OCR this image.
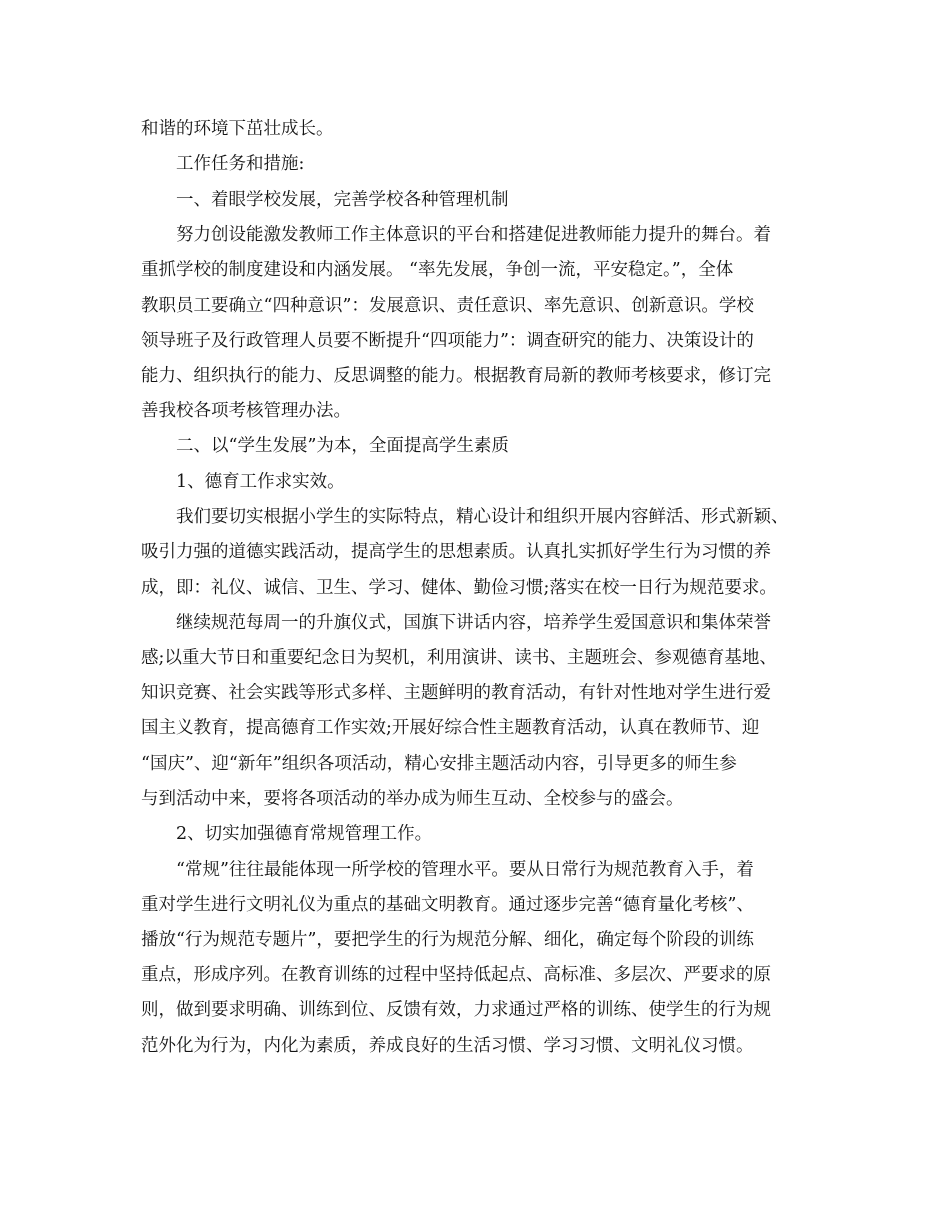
和谐的环境下茁壮成长。

工作任务和措施:

一、着眼学校发展，完善学校各种管理机制

努力创设能激发教师工作主体意识的平台和搭建促进教师能力提升的舞台。着

重抓学校的制度建设和内涵发展。 “率先发展，争创一流，平安稳定。”，全体

教职员工要确立“四种意识”：发展意识、责任意识、率先意识、创新意识。学校

领导班子及行政管理人员要不断提升“四项能力”：调查研究的能力、决策设计的

能力、组织执行的能力、反思调整的能力。根据教育局新的教师考核要求，修订完

善我校各项考核管理办法。

二、以“学生发展”为本，全面提高学生素质

1、德育工作求实效。

我们要切实根据小学生的实际特点，精心设计和组织开展内容鲜活、形式新颖、

吸引力强的道德实践活动，提高学生的思想素质。认真扎实抓好学生行为习惯的养

成，即：礼仪、诚信、卫生、学习、健体、勤俭习惯;落实在校一日行为规范要求。

继续规范每周一的升旗仪式，国旗下讲话内容，培养学生爱国意识和集体荣誉

感;以重大节日和重要纪念日为契机，利用演讲、读书、主题班会、参观德育基地、

知识竞赛、社会实践等形式多样、主题鲜明的教育活动，有针对性地对学生进行爱

国主义教育，提高德育工作实效;开展好综合性主题教育活动，认真在教师节、迎

“国庆”、迎“新年”组织各项活动，精心安排主题活动内容，引导更多的师生参

与到活动中来，要将各项活动的举办成为师生互动、全校参与的盛会。

2、切实加强德育常规管理工作。

“常规”往往最能体现一所学校的管理水平。要从日常行为规范教育入手，着

重对学生进行文明礼仪为重点的基础文明教育。通过逐步完善“德育量化考核”、

播放“行为规范专题片”，要把学生的行为规范分解、细化，确定每个阶段的训练

重点，形成序列。在教育训练的过程中坚持低起点、高标准、多层次、严要求的原

则，做到要求明确、训练到位、反馈有效，力求通过严格的训练、使学生的行为规

范外化为行为，内化为素质，养成良好的生活习惯、学习习惯、文明礼仪习惯。
